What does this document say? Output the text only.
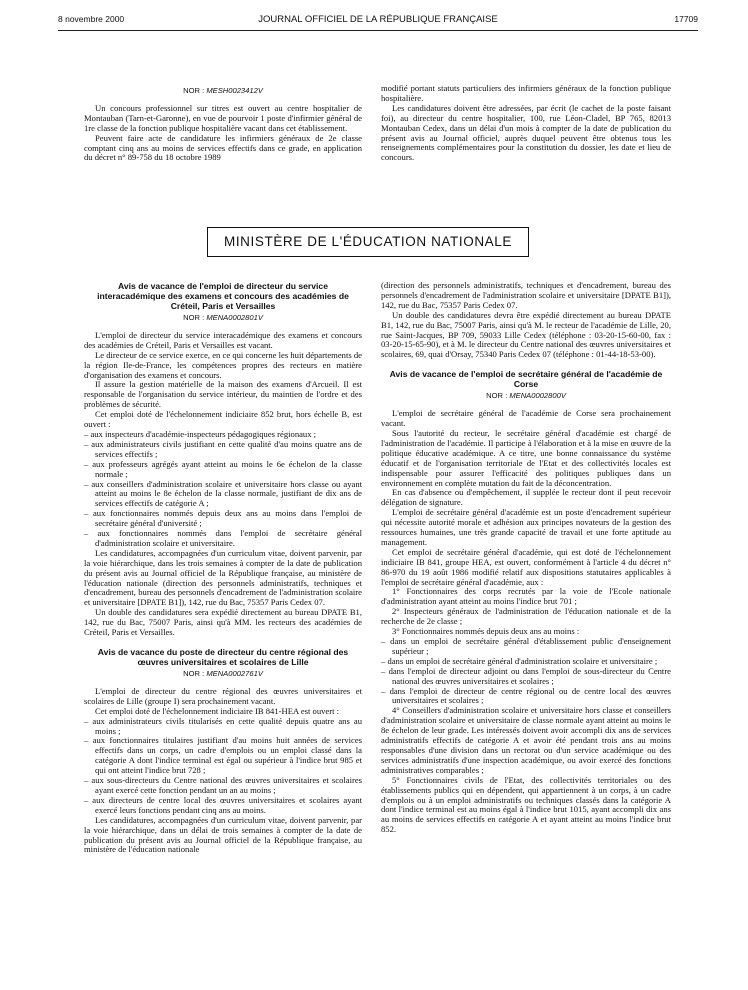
8 novembre 2000	JOURNAL OFFICIEL DE LA RÉPUBLIQUE FRANÇAISE	17709
NOR : MESH0023412V

Un concours professionnel sur titres est ouvert au centre hospitalier de Montauban (Tarn-et-Garonne), en vue de pourvoir 1 poste d'infirmier général de 1re classe de la fonction publique hospitalière vacant dans cet établissement.

Peuvent faire acte de candidature les infirmiers généraux de 2e classe comptant cinq ans au moins de services effectifs dans ce grade, en application du décret n° 89-758 du 18 octobre 1989

modifié portant statuts particuliers des infirmiers généraux de la fonction publique hospitalière.

Les candidatures doivent être adressées, par écrit (le cachet de la poste faisant foi), au directeur du centre hospitalier, 100, rue Léon-Cladel, BP 765, 82013 Montauban Cedex, dans un délai d'un mois à compter de la date de publication du présent avis au Journal officiel, auprès duquel peuvent être obtenus tous les renseignements complémentaires pour la constitution du dossier, les date et lieu de concours.

MINISTÈRE DE L'ÉDUCATION NATIONALE
Avis de vacance de l'emploi de directeur du service interacadémique des examens et concours des académies de Créteil, Paris et Versailles
NOR : MENA0002801V

L'emploi de directeur du service interacadémique des examens et concours des académies de Créteil, Paris et Versailles est vacant.

Le directeur de ce service exerce, en ce qui concerne les huit départements de la région Ile-de-France, les compétences propres des recteurs en matière d'organisation des examens et concours.

Il assure la gestion matérielle de la maison des examens d'Arcueil. Il est responsable de l'organisation du service intérieur, du maintien de l'ordre et des problèmes de sécurité.

Cet emploi doté de l'échelonnement indiciaire 852 brut, hors échelle B, est ouvert :

– aux inspecteurs d'académie-inspecteurs pédagogiques régionaux ;

– aux administrateurs civils justifiant en cette qualité d'au moins quatre ans de services effectifs ;

– aux professeurs agrégés ayant atteint au moins le 6e échelon de la classe normale ;

– aux conseillers d'administration scolaire et universitaire hors classe ou ayant atteint au moins le 8e échelon de la classe normale, justifiant de dix ans de services effectifs de catégorie A ;

– aux fonctionnaires nommés depuis deux ans au moins dans l'emploi de secrétaire général d'université ;

– aux fonctionnaires nommés dans l'emploi de secrétaire général d'administration scolaire et universitaire.

Les candidatures, accompagnées d'un curriculum vitae, doivent parvenir, par la voie hiérarchique, dans les trois semaines à compter de la date de publication du présent avis au Journal officiel de la République française, au ministère de l'éducation nationale (direction des personnels administratifs, techniques et d'encadrement, bureau des personnels d'encadrement de l'administration scolaire et universitaire [DPATE B1]), 142, rue du Bac, 75357 Paris Cedex 07.

Un double des candidatures sera expédié directement au bureau DPATE B1, 142, rue du Bac, 75007 Paris, ainsi qu'à MM. les recteurs des académies de Créteil, Paris et Versailles.

Avis de vacance du poste de directeur du centre régional des œuvres universitaires et scolaires de Lille
NOR : MENA0002761V

L'emploi de directeur du centre régional des œuvres universitaires et scolaires de Lille (groupe I) sera prochainement vacant.

Cet emploi doté de l'échelonnement indiciaire IB 841-HEA est ouvert :

– aux administrateurs civils titularisés en cette qualité depuis quatre ans au moins ;

– aux fonctionnaires titulaires justifiant d'au moins huit années de services effectifs dans un corps, un cadre d'emplois ou un emploi classé dans la catégorie A dont l'indice terminal est égal ou supérieur à l'indice brut 985 et qui ont atteint l'indice brut 728 ;

– aux sous-directeurs du Centre national des œuvres universitaires et scolaires ayant exercé cette fonction pendant un an au moins ;

– aux directeurs de centre local des œuvres universitaires et scolaires ayant exercé leurs fonctions pendant cinq ans au moins.

Les candidatures, accompagnées d'un curriculum vitae, doivent parvenir, par la voie hiérarchique, dans un délai de trois semaines à compter de la date de publication du présent avis au Journal officiel de la République française, au ministère de l'éducation nationale

(direction des personnels administratifs, techniques et d'encadrement, bureau des personnels d'encadrement de l'administration scolaire et universitaire [DPATE B1]), 142, rue du Bac, 75357 Paris Cedex 07.

Un double des candidatures devra être expédié directement au bureau DPATE B1, 142, rue du Bac, 75007 Paris, ainsi qu'à M. le recteur de l'académie de Lille, 20, rue Saint-Jacques, BP 709, 59033 Lille Cedex (téléphone : 03-20-15-60-00, fax : 03-20-15-65-90), et à M. le directeur du Centre national des œuvres universitaires et scolaires, 69, quai d'Orsay, 75340 Paris Cedex 07 (téléphone : 01-44-18-53-00).

Avis de vacance de l'emploi de secrétaire général de l'académie de Corse
NOR : MENA0002800V

L'emploi de secrétaire général de l'académie de Corse sera prochainement vacant.

Sous l'autorité du recteur, le secrétaire général d'académie est chargé de l'administration de l'académie. Il participe à l'élaboration et à la mise en œuvre de la politique éducative académique. A ce titre, une bonne connaissance du système éducatif et de l'organisation territoriale de l'Etat et des collectivités locales est indispensable pour assurer l'efficacité des politiques publiques dans un environnement en complète mutation du fait de la déconcentration.

En cas d'absence ou d'empêchement, il supplée le recteur dont il peut recevoir délégation de signature.

L'emploi de secrétaire général d'académie est un poste d'encadrement supérieur qui nécessite autorité morale et adhésion aux principes novateurs de la gestion des ressources humaines, une très grande capacité de travail et une forte aptitude au management.

Cet emploi de secrétaire général d'académie, qui est doté de l'échelonnement indiciaire IB 841, groupe HEA, est ouvert, conformément à l'article 4 du décret n° 86-970 du 19 août 1986 modifié relatif aux dispositions statutaires applicables à l'emploi de secrétaire général d'académie, aux :

1° Fonctionnaires des corps recrutés par la voie de l'Ecole nationale d'administration ayant atteint au moins l'indice brut 701 ;

2° Inspecteurs généraux de l'administration de l'éducation nationale et de la recherche de 2e classe ;

3° Fonctionnaires nommés depuis deux ans au moins :

– dans un emploi de secrétaire général d'établissement public d'enseignement supérieur ;

– dans un emploi de secrétaire général d'administration scolaire et universitaire ;

– dans l'emploi de directeur adjoint ou dans l'emploi de sous-directeur du Centre national des œuvres universitaires et scolaires ;

– dans l'emploi de directeur de centre régional ou de centre local des œuvres universitaires et scolaires ;

4° Conseillers d'administration scolaire et universitaire hors classe et conseillers d'administration scolaire et universitaire de classe normale ayant atteint au moins le 8e échelon de leur grade. Les intéressés doivent avoir accompli dix ans de services administratifs effectifs de catégorie A et avoir été pendant trois ans au moins responsables d'une division dans un rectorat ou d'un service académique ou des services administratifs d'une inspection académique, ou avoir exercé des fonctions administratives comparables ;

5° Fonctionnaires civils de l'Etat, des collectivités territoriales ou des établissements publics qui en dépendent, qui appartiennent à un corps, à un cadre d'emplois ou à un emploi administratifs ou techniques classés dans la catégorie A dont l'indice terminal est au moins égal à l'indice brut 1015, ayant accompli dix ans au moins de services effectifs en catégorie A et ayant atteint au moins l'indice brut 852.
